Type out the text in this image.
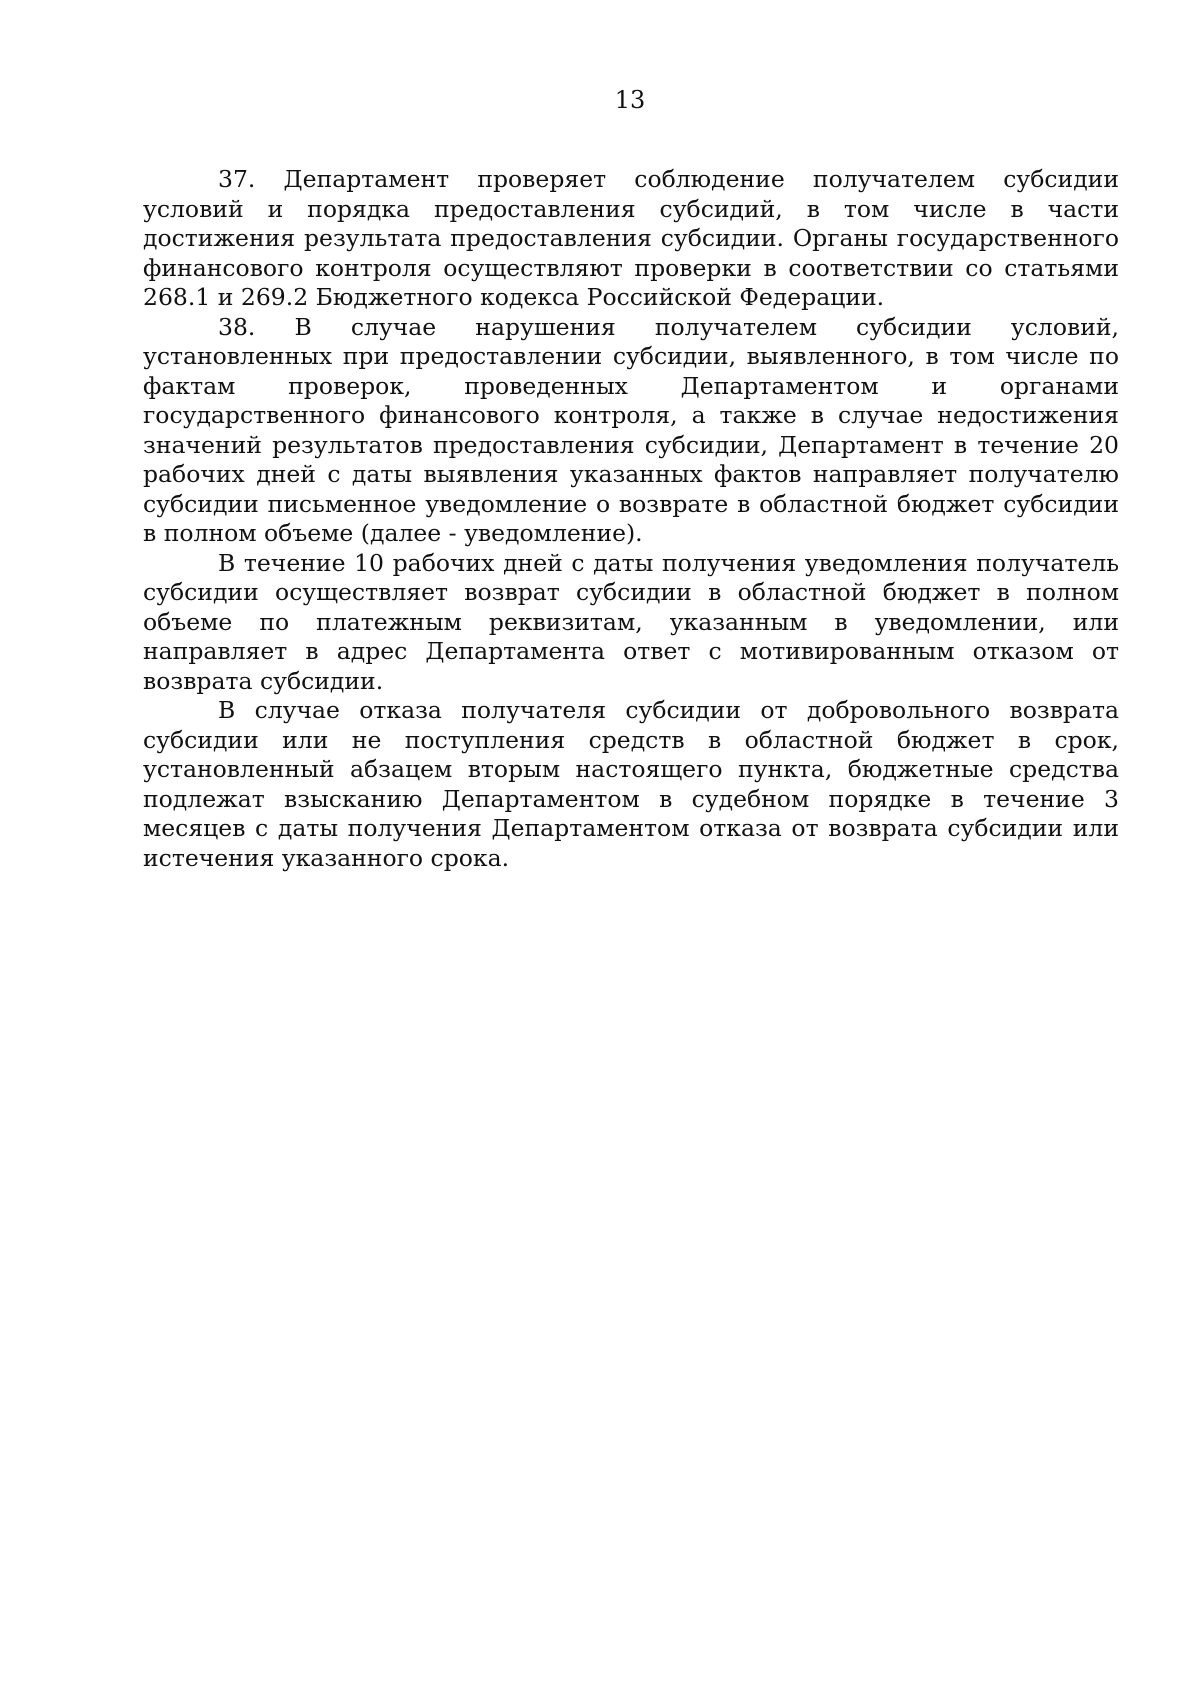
13

37. Департамент проверяет соблюдение получателем субсидии условий и порядка предоставления субсидий, в том числе в части достижения результата предоставления субсидии. Органы государственного финансового контроля осуществляют проверки в соответствии со статьями 268.1 и 269.2 Бюджетного кодекса Российской Федерации.

38. В случае нарушения получателем субсидии условий, установленных при предоставлении субсидии, выявленного, в том числе по фактам проверок, проведенных Департаментом и органами государственного финансового контроля, а также в случае недостижения значений результатов предоставления субсидии, Департамент в течение 20 рабочих дней с даты выявления указанных фактов направляет получателю субсидии письменное уведомление о возврате в областной бюджет субсидии в полном объеме (далее - уведомление).

В течение 10 рабочих дней с даты получения уведомления получатель субсидии осуществляет возврат субсидии в областной бюджет в полном объеме по платежным реквизитам, указанным в уведомлении, или направляет в адрес Департамента ответ с мотивированным отказом от возврата субсидии.

В случае отказа получателя субсидии от добровольного возврата субсидии или не поступления средств в областной бюджет в срок, установленный абзацем вторым настоящего пункта, бюджетные средства подлежат взысканию Департаментом в судебном порядке в течение 3 месяцев с даты получения Департаментом отказа от возврата субсидии или истечения указанного срока.
